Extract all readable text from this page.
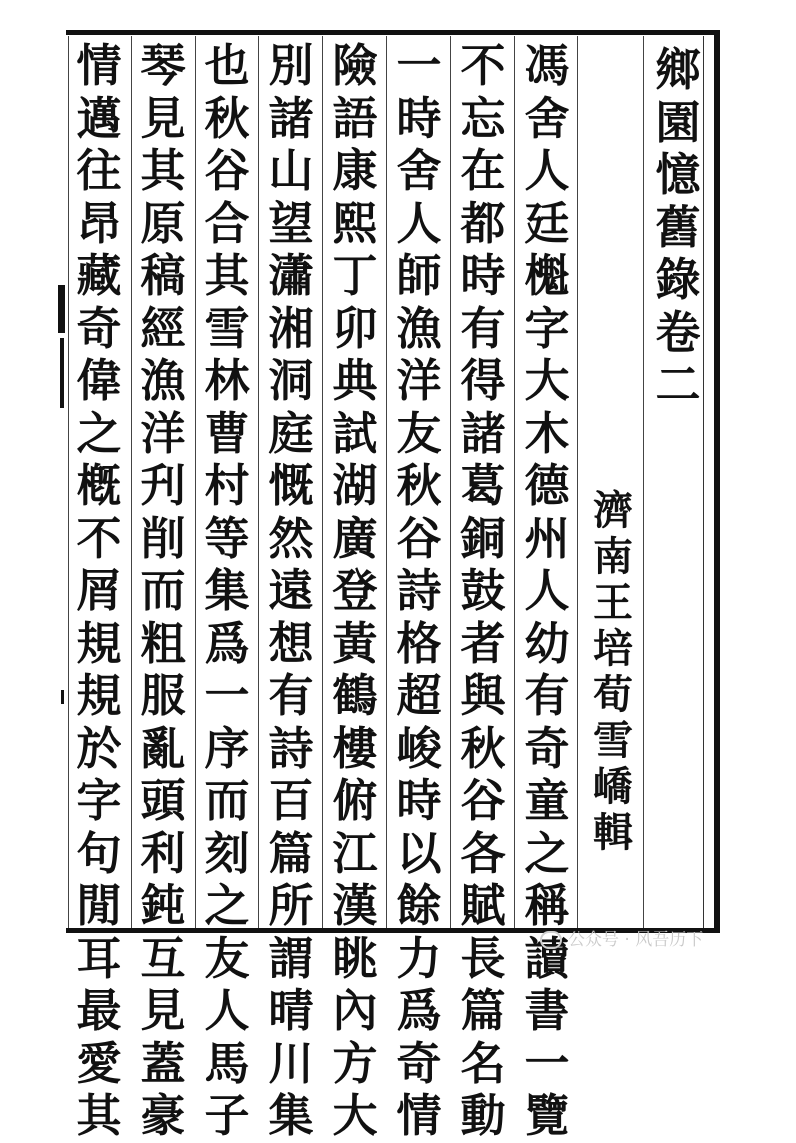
鄉園憶舊錄卷二
濟南王培荀雪嶠輯
馮舍人廷櫆字大木德州人幼有奇童之稱讀書一覽
不忘在都時有得諸葛銅鼓者與秋谷各賦長篇名動
一時舍人師漁洋友秋谷詩格超峻時以餘力爲奇情
險語康熙丁卯典試湖廣登黃鶴樓俯江漢眺內方大
別諸山望瀟湘洞庭慨然遠想有詩百篇所謂晴川集
也秋谷合其雪林曹村等集爲一序而刻之友人馬子
琴見其原稿經漁洋刋削而粗服亂頭利鈍互見蓋豪
情邁往昂藏奇偉之槪不屑規規於字句閒耳最愛其
公众号 · 风吾历下
